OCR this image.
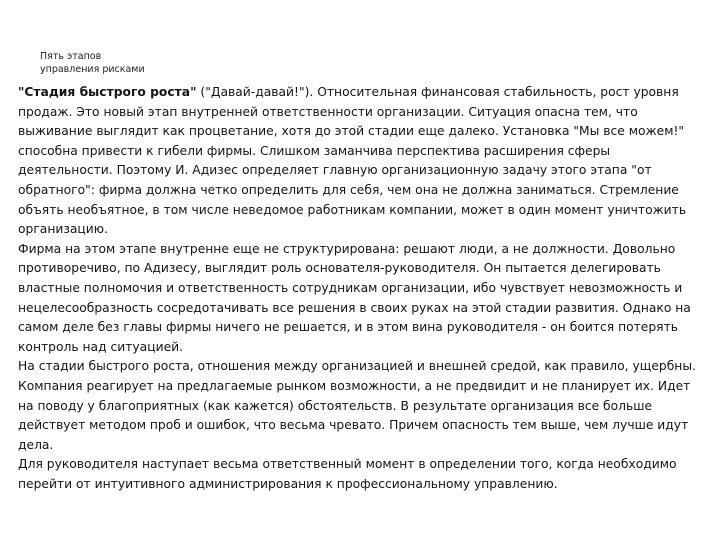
Пять этапов
управления рисками

"Стадия быстрого роста" ("Давай-давай!"). Относительная финансовая стабильность, рост уровня продаж. Это новый этап внутренней ответственности организации. Ситуация опасна тем, что выживание выглядит как процветание, хотя до этой стадии еще далеко. Установка "Мы все можем!" способна привести к гибели фирмы. Слишком заманчива перспектива расширения сферы деятельности. Поэтому И. Адизес определяет главную организационную задачу этого этапа "от обратного": фирма должна четко определить для себя, чем она не должна заниматься. Стремление объять необъятное, в том числе неведомое работникам компании, может в один момент уничтожить организацию.

Фирма на этом этапе внутренне еще не структурирована: решают люди, а не должности. Довольно противоречиво, по Адизесу, выглядит роль основателя-руководителя. Он пытается делегировать властные полномочия и ответственность сотрудникам организации, ибо чувствует невозможность и нецелесообразность сосредотачивать все решения в своих руках на этой стадии развития. Однако на самом деле без главы фирмы ничего не решается, и в этом вина руководителя - он боится потерять контроль над ситуацией.

На стадии быстрого роста, отношения между организацией и внешней средой, как правило, ущербны. Компания реагирует на предлагаемые рынком возможности, а не предвидит и не планирует их. Идет на поводу у благоприятных (как кажется) обстоятельств. В результате организация все больше действует методом проб и ошибок, что весьма чревато. Причем опасность тем выше, чем лучше идут дела.

Для руководителя наступает весьма ответственный момент в определении того, когда необходимо перейти от интуитивного администрирования к профессиональному управлению.
